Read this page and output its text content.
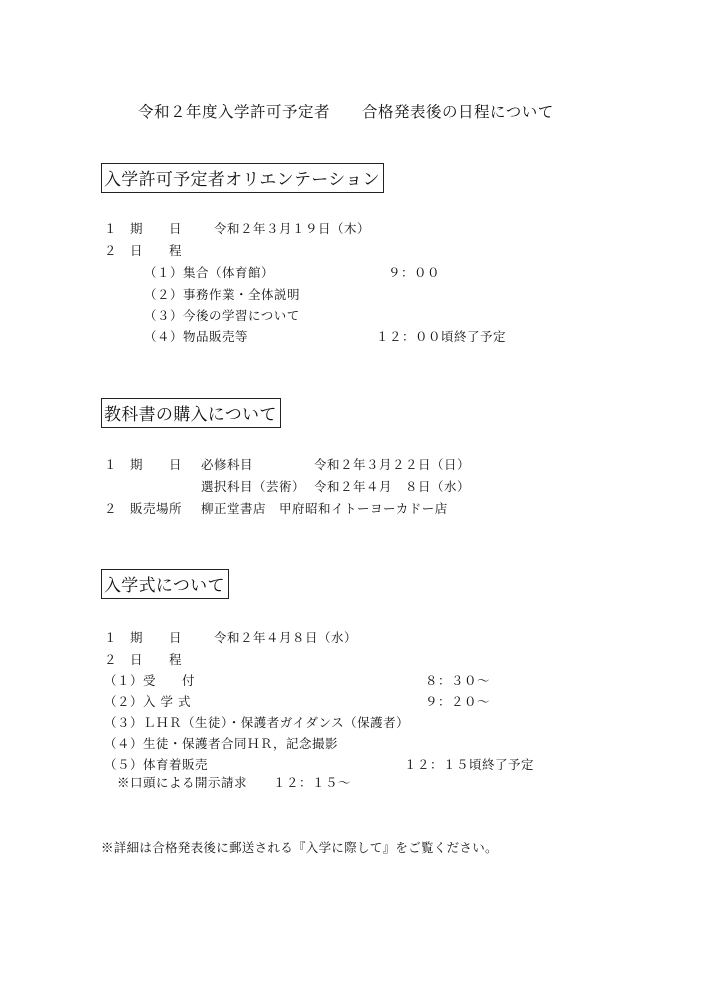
令和２年度入学許可予定者　　合格発表後の日程について
入学許可予定者オリエンテーション
１　期　　日	令和２年３月１９日（木）
２　日　　程
（１）集合（体育館）	９：００
（２）事務作業・全体説明
（３）今後の学習について
（４）物品販売等	１２：００頃終了予定
教科書の購入について
１　期　　日 必修科目	令和２年３月２２日（日）
選択科目（芸術） 令和２年４月　８日（水）
２　販売場所 柳正堂書店　甲府昭和イトーヨーカドー店
入学式について
１　期　　日	令和２年４月８日（水）
２　日　　程
（１）受　　付	８：３０～
（２）入 学 式	９：２０～
（３）ＬＨＲ（生徒）・保護者ガイダンス（保護者）
（４）生徒・保護者合同ＨＲ，記念撮影
（５）体育着販売	１２：１５頃終了予定
※口頭による開示請求　　１２：１５～
※詳細は合格発表後に郵送される『入学に際して』をご覧ください。
